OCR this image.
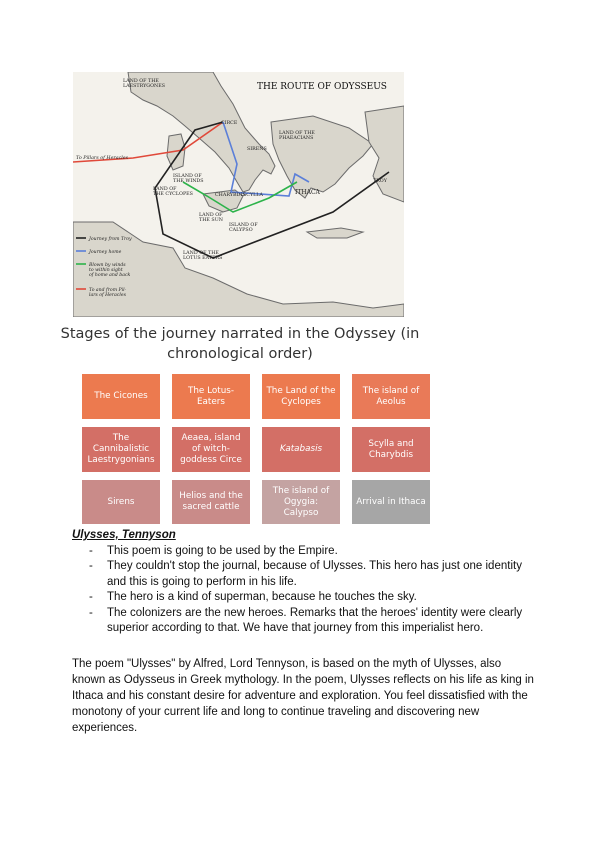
LAND OF THE LAESTRYGONES
CIRCE
SIRENS
LAND OF THE PHAEACIANS
TROY
To Pillars of Heracles
ISLAND OF THE WINDS
LAND OF THE CYCLOPES	CHARYBDIS
SCYLLA	ITHACA
LAND OF THE SUN
ISLAND OF CALYPSO
LAND OF THE LOTUS EATERS
THE ROUTE OF ODYSSEUS
Journey from Troy
Journey home
Blown by winds to within sight of home and back
To and from Pil-lars of Heracles
Stages of the journey narrated in the Odyssey (in
chronological order)
The Cicones
The Lotus-Eaters
The Land of the Cyclopes
The island of Aeolus
The Cannibalistic Laestrygonians
Aeaea, island of witch-goddess Circe
Katabasis
Scylla and Charybdis
Sirens
Helios and the sacred cattle
The island of Ogygia: Calypso
Arrival in Ithaca
Ulysses, Tennyson
- This poem is going to be used by the Empire.
- They couldn't stop the journal, because of Ulysses. This hero has just one identity and this is going to perform in his life.
- The hero is a kind of superman, because he touches the sky.
- The colonizers are the new heroes. Remarks that the heroes' identity were clearly superior according to that. We have that journey from this imperialist hero.

The poem "Ulysses" by Alfred, Lord Tennyson, is based on the myth of Ulysses, also known as Odysseus in Greek mythology. In the poem, Ulysses reflects on his life as king in Ithaca and his constant desire for adventure and exploration. You feel dissatisfied with the monotony of your current life and long to continue traveling and discovering new experiences.
